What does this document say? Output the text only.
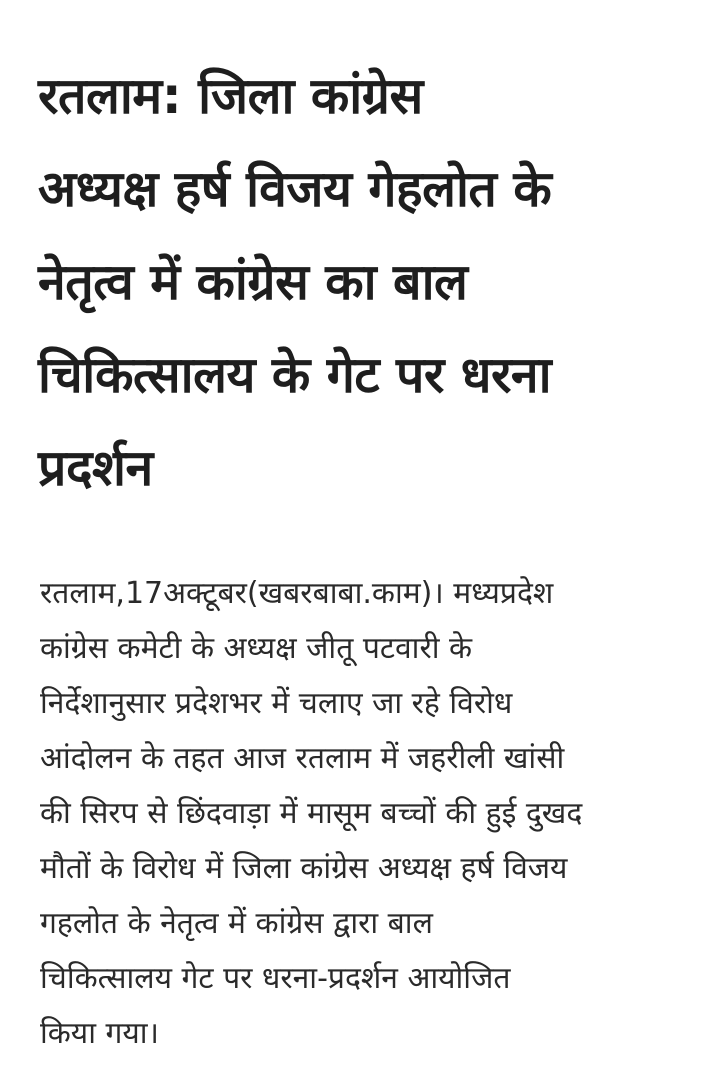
रतलाम: जिला कांग्रेस
अध्यक्ष हर्ष विजय गेहलोत के
नेतृत्व में कांग्रेस का बाल
चिकित्सालय के गेट पर धरना
प्रदर्शन

रतलाम,17अक्टूबर(खबरबाबा.काम)। मध्यप्रदेश
कांग्रेस कमेटी के अध्यक्ष जीतू पटवारी के
निर्देशानुसार प्रदेशभर में चलाए जा रहे विरोध
आंदोलन के तहत आज रतलाम में जहरीली खांसी
की सिरप से छिंदवाड़ा में मासूम बच्चों की हुई दुखद
मौतों के विरोध में जिला कांग्रेस अध्यक्ष हर्ष विजय
गहलोत के नेतृत्व में कांग्रेस द्वारा बाल
चिकित्सालय गेट पर धरना-प्रदर्शन आयोजित
किया गया।
